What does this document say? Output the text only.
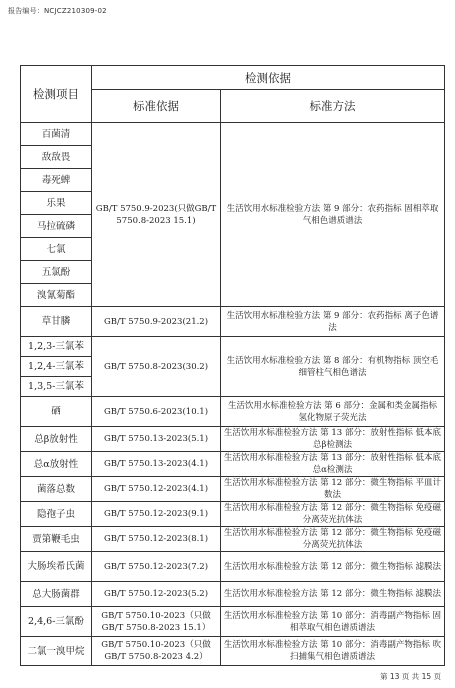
报告编号：NCJCZ210309-02
检测项目	检测依据	
	标准依据	标准方法
百菌清	GB/T 5750.9-2023(只做GB/T 5750.8-2023 15.1)	生活饮用水标准检验方法 第 9 部分：农药指标 固相萃取气相色谱质谱法
敌敌畏		
毒死蜱		
乐果		
马拉硫磷		
七氯		
五氯酚		
溴氰菊酯		
草甘膦	GB/T 5750.9-2023(21.2)	生活饮用水标准检验方法 第 9 部分：农药指标 离子色谱法
1,2,3-三氯苯	GB/T 5750.8-2023(30.2)	生活饮用水标准检验方法 第 8 部分：有机物指标 顶空毛细管柱气相色谱法
1,2,4-三氯苯		
1,3,5-三氯苯		
硒	GB/T 5750.6-2023(10.1)	生活饮用水标准检验方法 第 6 部分：金属和类金属指标 氢化物原子荧光法
总β放射性	GB/T 5750.13-2023(5.1)	生活饮用水标准检验方法 第 13 部分：放射性指标 低本底总β检测法
总α放射性	GB/T 5750.13-2023(4.1)	生活饮用水标准检验方法 第 13 部分：放射性指标 低本底总α检测法
菌落总数	GB/T 5750.12-2023(4.1)	生活饮用水标准检验方法 第 12 部分：微生物指标 平皿计数法
隐孢子虫	GB/T 5750.12-2023(9.1)	生活饮用水标准检验方法 第 12 部分：微生物指标 免疫磁分离荧光抗体法
贾第鞭毛虫	GB/T 5750.12-2023(8.1)	生活饮用水标准检验方法 第 12 部分：微生物指标 免疫磁分离荧光抗体法
大肠埃希氏菌	GB/T 5750.12-2023(7.2)	生活饮用水标准检验方法 第 12 部分：微生物指标 滤膜法
总大肠菌群	GB/T 5750.12-2023(5.2)	生活饮用水标准检验方法 第 12 部分：微生物指标 滤膜法
2,4,6-三氯酚	GB/T 5750.10-2023（只做GB/T 5750.8-2023 15.1）	生活饮用水标准检验方法 第 10 部分：消毒副产物指标 固相萃取气相色谱质谱法
二氯一溴甲烷	GB/T 5750.10-2023（只做GB/T 5750.8-2023 4.2）	生活饮用水标准检验方法 第 10 部分：消毒副产物指标 吹扫捕集气相色谱质谱法
第 13 页 共 15 页
